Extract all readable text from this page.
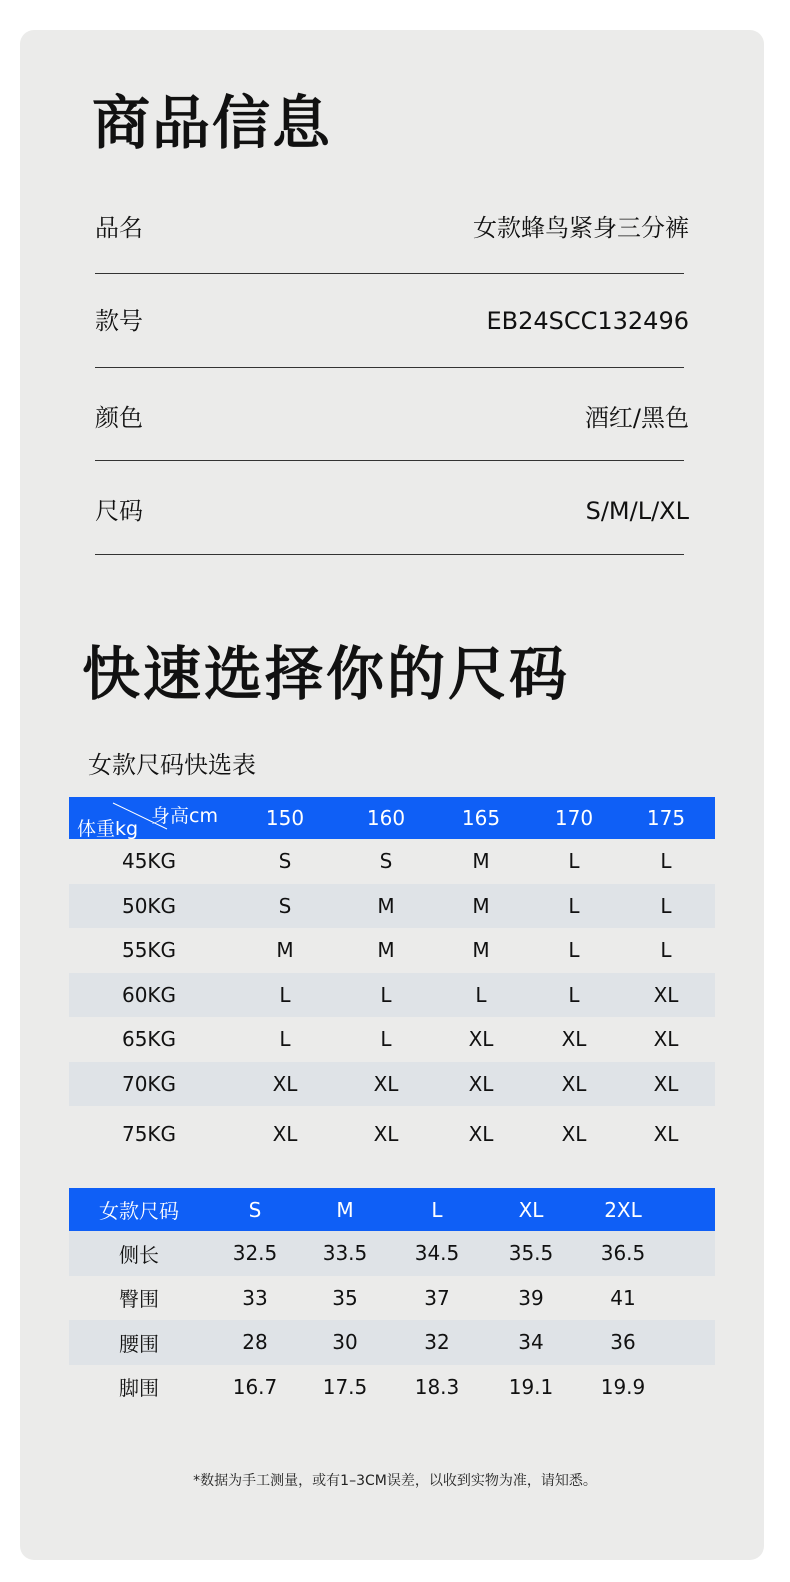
商品信息
品名	女款蜂鸟紧身三分裤
款号	EB24SCC132496
颜色	酒红/黑色
尺码	S/M/L/XL
快速选择你的尺码
女款尺码快选表
身高cm
体重kg	150	160	165	170	175
45KG	S	S	M	L	L
50KG	S	M	M	L	L
55KG	M	M	M	L	L
60KG	L	L	L	L	XL
65KG	L	L	XL	XL	XL
70KG	XL	XL	XL	XL	XL
75KG	XL	XL	XL	XL	XL
女款尺码	S	M	L	XL	2XL	
侧长	32.5	33.5	34.5	35.5	36.5	
臀围	33	35	37	39	41	
腰围	28	30	32	34	36	
脚围	16.7	17.5	18.3	19.1	19.9	
*数据为手工测量，或有1–3CM误差，以收到实物为准，请知悉。
